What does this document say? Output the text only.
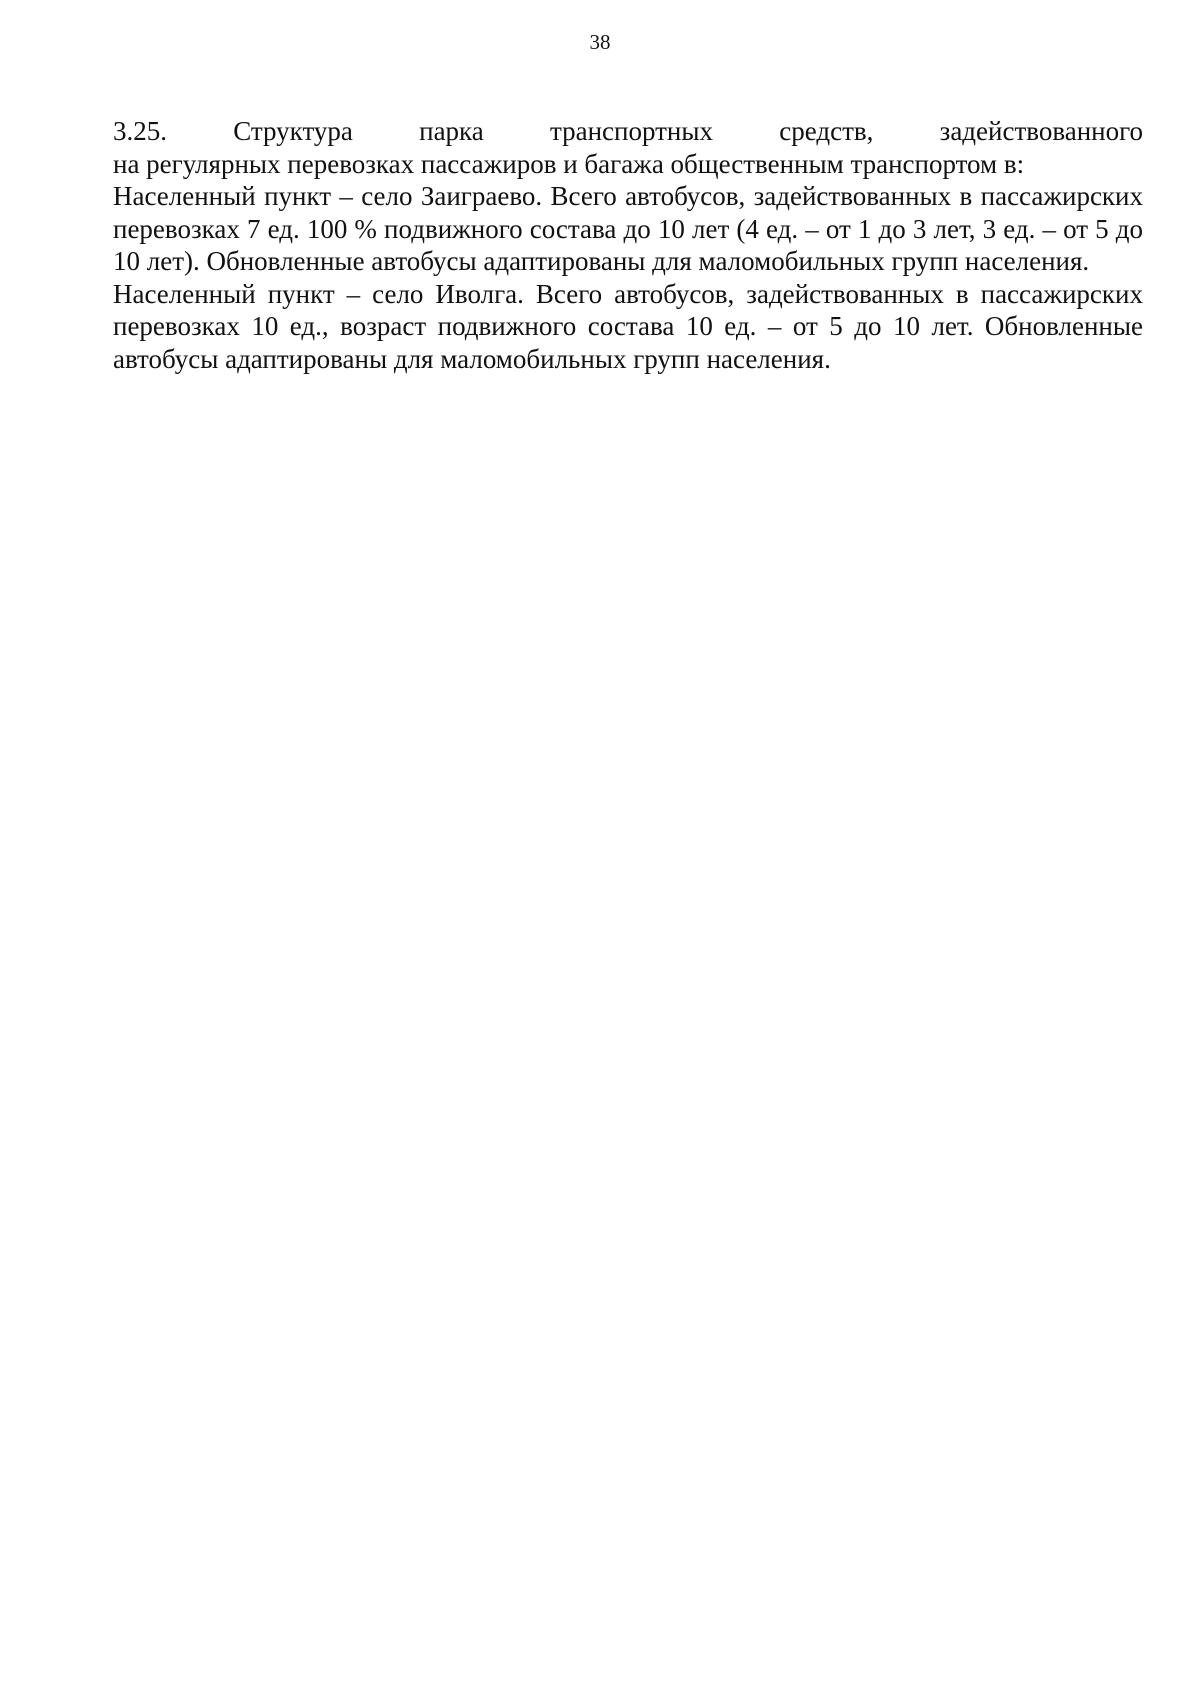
38

3.25. Структура парка транспортных средств, задействованного
на регулярных перевозках пассажиров и багажа общественным транспортом в:

Населенный пункт – село Заиграево. Всего автобусов, задействованных в пассажирских перевозках 7 ед. 100 % подвижного состава до 10 лет (4 ед. – от 1 до 3 лет, 3 ед. – от 5 до 10 лет). Обновленные автобусы адаптированы для маломобильных групп населения.

Населенный пункт – село Иволга. Всего автобусов, задействованных в пассажирских перевозках 10 ед., возраст подвижного состава 10 ед. – от 5 до 10 лет. Обновленные автобусы адаптированы для маломобильных групп населения.
